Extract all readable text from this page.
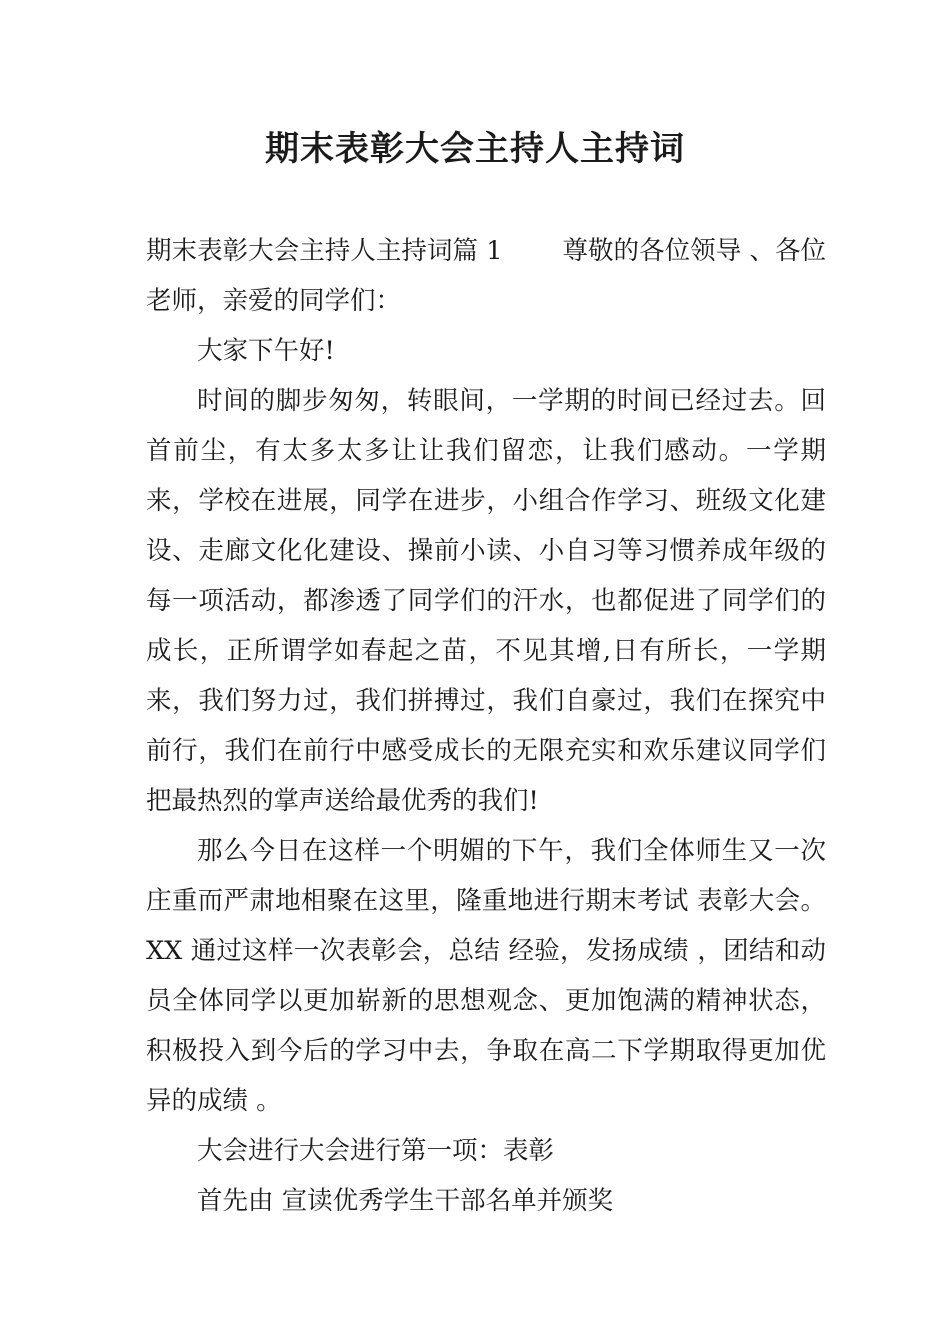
期末表彰大会主持人主持词

期末表彰大会主持人主持词篇 1 尊敬的各位领导 、各位老师，亲爱的同学们：

大家下午好!

时间的脚步匆匆，转眼间，一学期的时间已经过去。回首前尘，有太多太多让让我们留恋，让我们感动。一学期来，学校在进展，同学在进步，小组合作学习、班级文化建设、走廊文化化建设、操前小读、小自习等习惯养成年级的每一项活动，都渗透了同学们的汗水，也都促进了同学们的成长，正所谓学如春起之苗，不见其增,日有所长，一学期来，我们努力过，我们拼搏过，我们自豪过，我们在探究中前行，我们在前行中感受成长的无限充实和欢乐建议同学们把最热烈的掌声送给最优秀的我们!

那么今日在这样一个明媚的下午，我们全体师生又一次庄重而严肃地相聚在这里，隆重地进行期末考试 表彰大会。XX 通过这样一次表彰会，总结 经验，发扬成绩 ，团结和动员全体同学以更加崭新的思想观念、更加饱满的精神状态，积极投入到今后的学习中去，争取在高二下学期取得更加优异的成绩 。

大会进行大会进行第一项：表彰

首先由 宣读优秀学生干部名单并颁奖
